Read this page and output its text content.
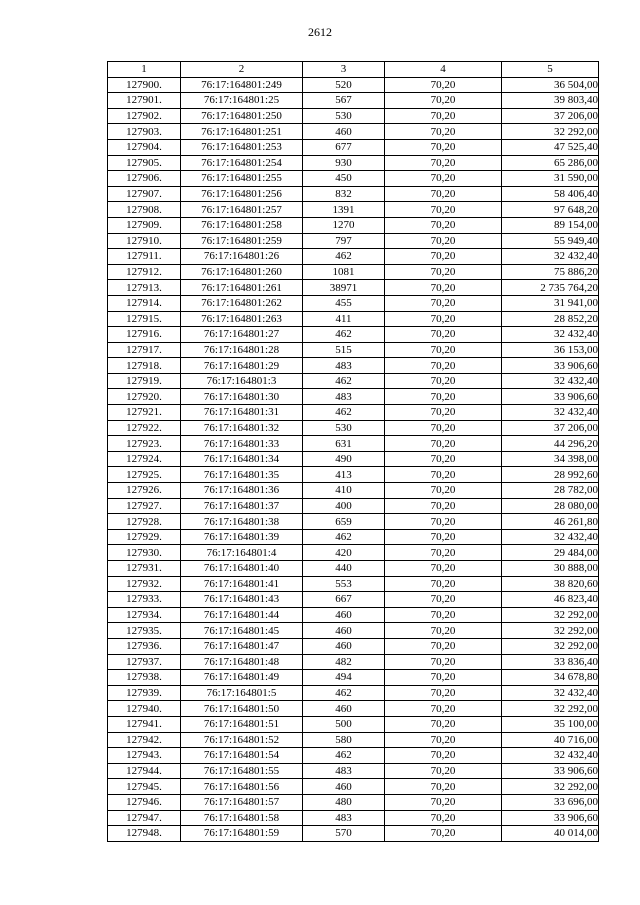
2612
1	2	3	4	5
127900.	76:17:164801:249	520	70,20	36 504,00
127901.	76:17:164801:25	567	70,20	39 803,40
127902.	76:17:164801:250	530	70,20	37 206,00
127903.	76:17:164801:251	460	70,20	32 292,00
127904.	76:17:164801:253	677	70,20	47 525,40
127905.	76:17:164801:254	930	70,20	65 286,00
127906.	76:17:164801:255	450	70,20	31 590,00
127907.	76:17:164801:256	832	70,20	58 406,40
127908.	76:17:164801:257	1391	70,20	97 648,20
127909.	76:17:164801:258	1270	70,20	89 154,00
127910.	76:17:164801:259	797	70,20	55 949,40
127911.	76:17:164801:26	462	70,20	32 432,40
127912.	76:17:164801:260	1081	70,20	75 886,20
127913.	76:17:164801:261	38971	70,20	2 735 764,20
127914.	76:17:164801:262	455	70,20	31 941,00
127915.	76:17:164801:263	411	70,20	28 852,20
127916.	76:17:164801:27	462	70,20	32 432,40
127917.	76:17:164801:28	515	70,20	36 153,00
127918.	76:17:164801:29	483	70,20	33 906,60
127919.	76:17:164801:3	462	70,20	32 432,40
127920.	76:17:164801:30	483	70,20	33 906,60
127921.	76:17:164801:31	462	70,20	32 432,40
127922.	76:17:164801:32	530	70,20	37 206,00
127923.	76:17:164801:33	631	70,20	44 296,20
127924.	76:17:164801:34	490	70,20	34 398,00
127925.	76:17:164801:35	413	70,20	28 992,60
127926.	76:17:164801:36	410	70,20	28 782,00
127927.	76:17:164801:37	400	70,20	28 080,00
127928.	76:17:164801:38	659	70,20	46 261,80
127929.	76:17:164801:39	462	70,20	32 432,40
127930.	76:17:164801:4	420	70,20	29 484,00
127931.	76:17:164801:40	440	70,20	30 888,00
127932.	76:17:164801:41	553	70,20	38 820,60
127933.	76:17:164801:43	667	70,20	46 823,40
127934.	76:17:164801:44	460	70,20	32 292,00
127935.	76:17:164801:45	460	70,20	32 292,00
127936.	76:17:164801:47	460	70,20	32 292,00
127937.	76:17:164801:48	482	70,20	33 836,40
127938.	76:17:164801:49	494	70,20	34 678,80
127939.	76:17:164801:5	462	70,20	32 432,40
127940.	76:17:164801:50	460	70,20	32 292,00
127941.	76:17:164801:51	500	70,20	35 100,00
127942.	76:17:164801:52	580	70,20	40 716,00
127943.	76:17:164801:54	462	70,20	32 432,40
127944.	76:17:164801:55	483	70,20	33 906,60
127945.	76:17:164801:56	460	70,20	32 292,00
127946.	76:17:164801:57	480	70,20	33 696,00
127947.	76:17:164801:58	483	70,20	33 906,60
127948.	76:17:164801:59	570	70,20	40 014,00
